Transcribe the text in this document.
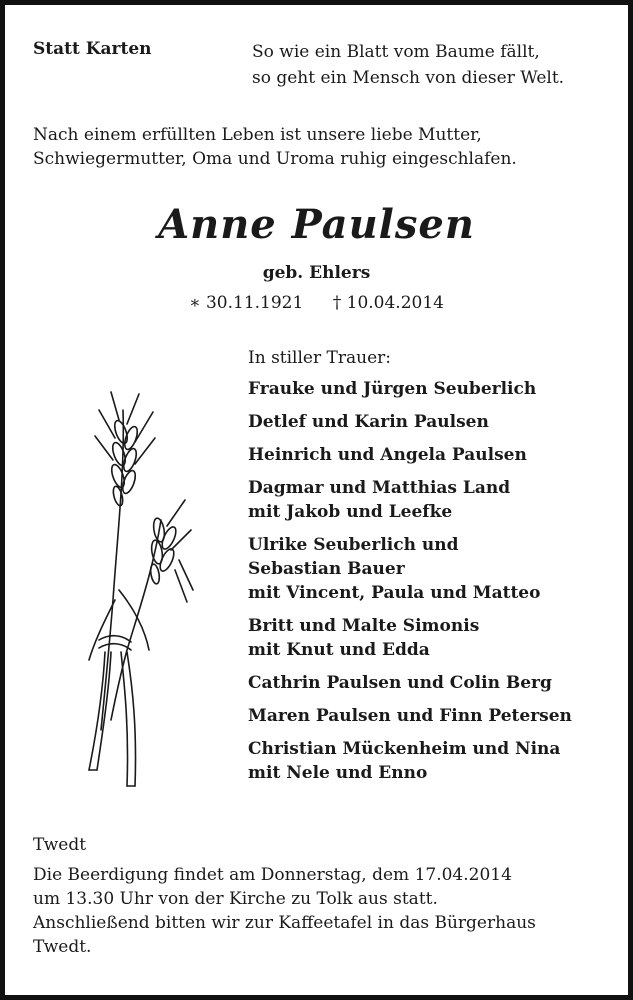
Statt Karten	So wie ein Blatt vom Baume fällt,
so geht ein Mensch von dieser Welt.
Nach einem erfüllten Leben ist unsere liebe Mutter, Schwiegermutter, Oma und Uroma ruhig eingeschlafen.
Anne Paulsen
geb. Ehlers
∗ 30.11.1921 † 10.04.2014
In stiller Trauer:
Frauke und Jürgen Seuberlich
Detlef und Karin Paulsen
Heinrich und Angela Paulsen
Dagmar und Matthias Land
mit Jakob und Leefke
Ulrike Seuberlich und
Sebastian Bauer
mit Vincent, Paula und Matteo
Britt und Malte Simonis
mit Knut und Edda
Cathrin Paulsen und Colin Berg
Maren Paulsen und Finn Petersen
Christian Mückenheim und Nina
mit Nele und Enno
Twedt
Die Beerdigung findet am Donnerstag, dem 17.04.2014
um 13.30 Uhr von der Kirche zu Tolk aus statt.
Anschließend bitten wir zur Kaffeetafel in das Bürgerhaus
Twedt.
